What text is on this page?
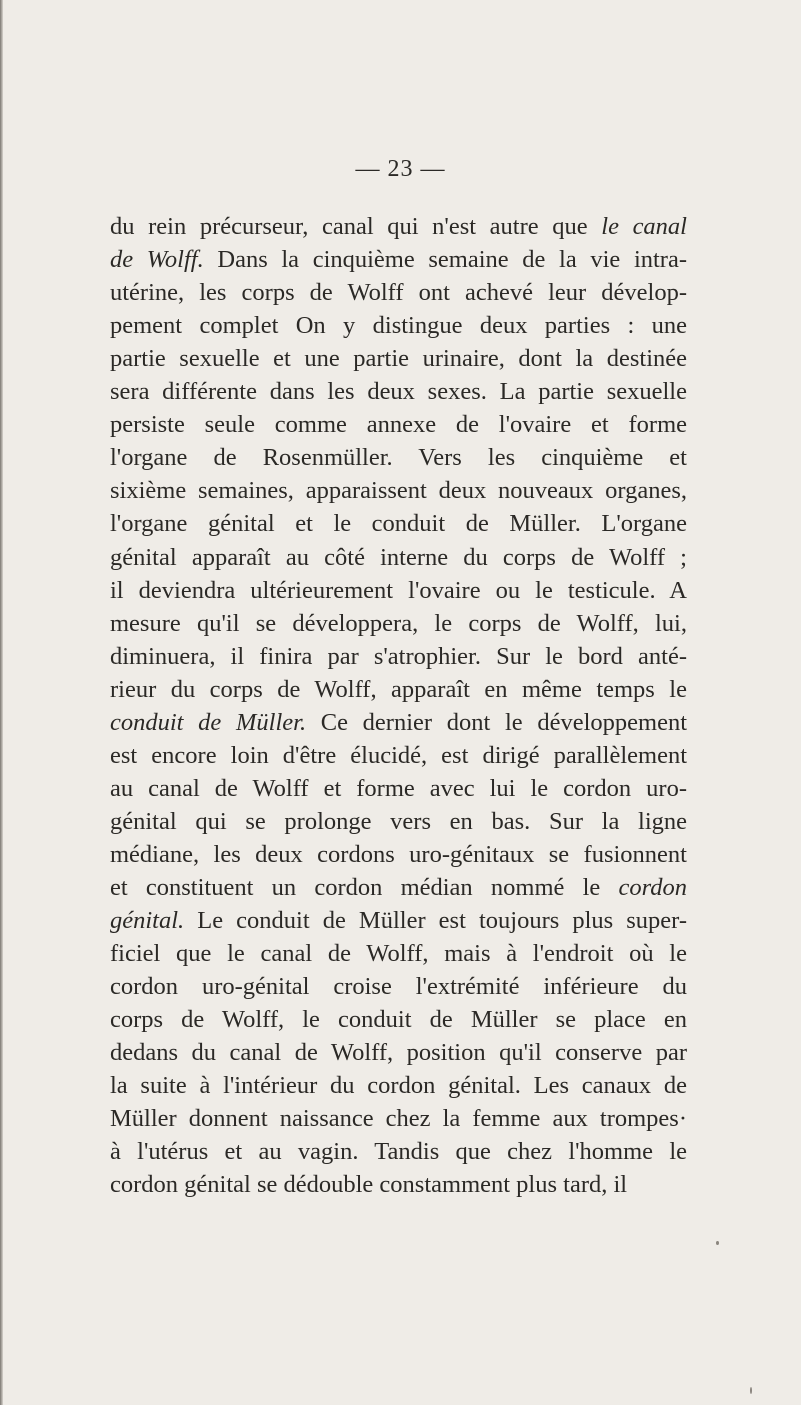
— 23 —
du rein précurseur, canal qui n'est autre que le canal
de Wolff. Dans la cinquième semaine de la vie intra-
utérine, les corps de Wolff ont achevé leur dévelop-
pement complet On y distingue deux parties : une
partie sexuelle et une partie urinaire, dont la destinée
sera différente dans les deux sexes. La partie sexuelle
persiste seule comme annexe de l'ovaire et forme
l'organe de Rosenmüller. Vers les cinquième et
sixième semaines, apparaissent deux nouveaux organes,
l'organe génital et le conduit de Müller. L'organe
génital apparaît au côté interne du corps de Wolff ;
il deviendra ultérieurement l'ovaire ou le testicule. A
mesure qu'il se développera, le corps de Wolff, lui,
diminuera, il finira par s'atrophier. Sur le bord anté-
rieur du corps de Wolff, apparaît en même temps le
conduit de Müller. Ce dernier dont le développement
est encore loin d'être élucidé, est dirigé parallèlement
au canal de Wolff et forme avec lui le cordon uro-
génital qui se prolonge vers en bas. Sur la ligne
médiane, les deux cordons uro-génitaux se fusionnent
et constituent un cordon médian nommé le cordon
génital. Le conduit de Müller est toujours plus super-
ficiel que le canal de Wolff, mais à l'endroit où le
cordon uro-génital croise l'extrémité inférieure du
corps de Wolff, le conduit de Müller se place en
dedans du canal de Wolff, position qu'il conserve par
la suite à l'intérieur du cordon génital. Les canaux de
Müller donnent naissance chez la femme aux trompes·
à l'utérus et au vagin. Tandis que chez l'homme le
cordon génital se dédouble constamment plus tard, il
